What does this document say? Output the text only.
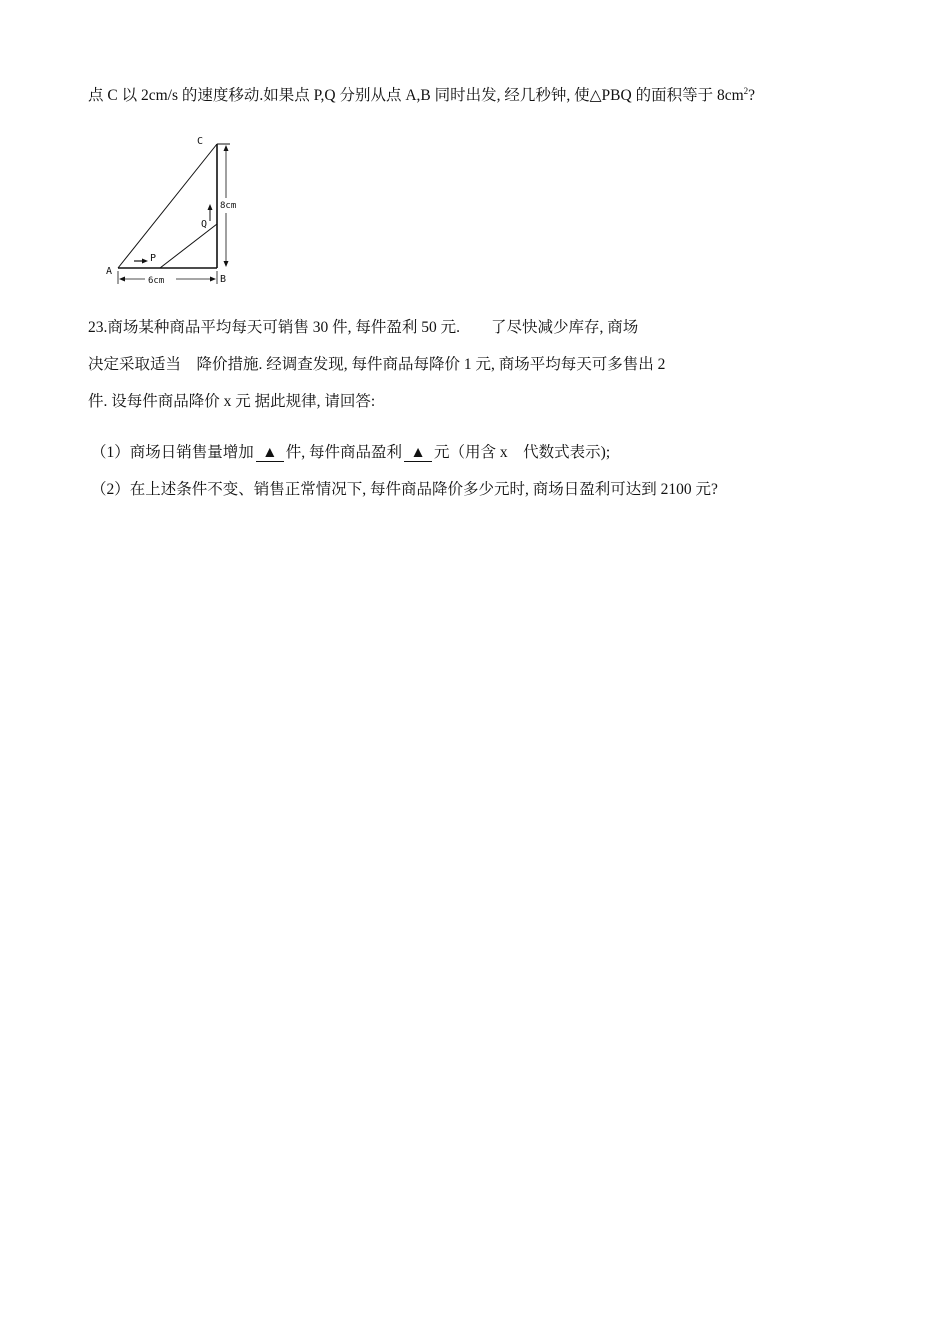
点 C 以 2cm/s 的速度移动.如果点 P,Q 分别从点 A,B 同时出发, 经几秒钟, 使△PBQ 的面积等于 $8cm^2$?
C
A
B
P
Q
8cm
6cm
23.商场某种商品平均每天可销售 30 件, 每件盈利 50 元.　　了尽快减少库存, 商场
决定采取适当　降价措施. 经调查发现, 每件商品每降价 1 元, 商场平均每天可多售出 2
件. 设每件商品降价 x 元 据此规律, 请回答:
（1）商场日销售量增加 ▲ 件, 每件商品盈利 ▲ 元（用含 x　代数式表示);
（2）在上述条件不变、销售正常情况下, 每件商品降价多少元时, 商场日盈利可达到 2100 元?
